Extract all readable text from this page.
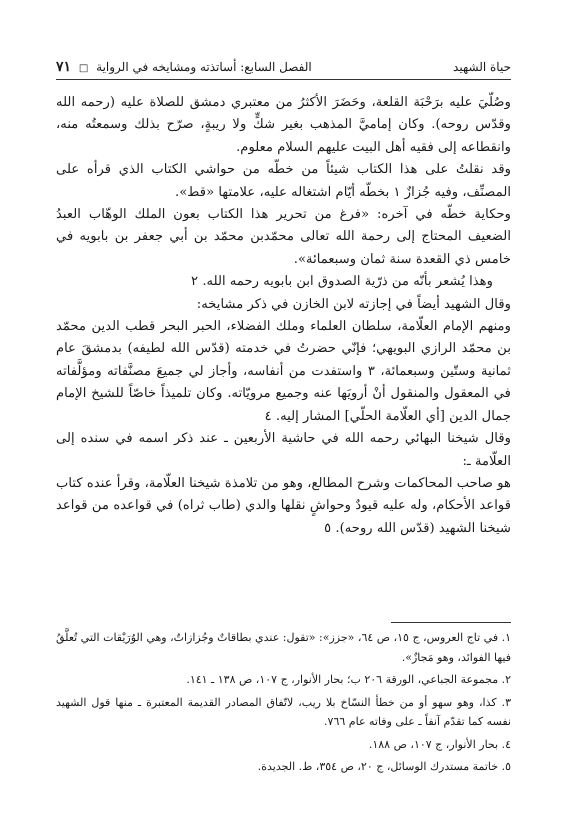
حياة الشهيد
الفصل السابع: أساتذته ومشايخه في الرواية □ ٧١

وصُلّيَ عليه برَحْبَة القلعة، وحَضَرَ الأكثرُ من معتبري دمشق للصلاة عليه (رحمه الله وقدّس روحه). وكان إماميَّ المذهب بغير شكٍّ ولا ريبةٍ، صرّح بذلك وسمعتُه منه، وانقطاعه إلى فقيه أهل البيت عليهم السلام معلوم.

وقد نقلتُ على هذا الكتاب شيئاً من خطّه من حواشي الكتاب الذي قرأه على المصنِّف، وفيه جُزازٌ ١ بخطّه أيّام اشتغاله عليه، علامتها «قط».

وحكاية خطّه في آخره: «فرغ من تحرير هذا الكتاب بعون الملك الوهّاب العبدُ الضعيف المحتاج إلى رحمة الله تعالى محمّدبن محمّد بن أبي جعفر بن بابويه في خامس ذي القعدة سنة ثمان وسبعمائة».

وهذا يُشعر بأنّه من ذرّية الصدوق ابن بابويه رحمه الله. ٢

وقال الشهيد أيضاً في إجازته لابن الخازن في ذكر مشايخه:

ومنهم الإمام العلّامة، سلطان العلماء وملك الفضلاء، الحبر البحر قطب الدين محمّد بن محمّد الرازي البويهي؛ فإنّي حضرتُ في خدمته (قدّس الله لطيفه) بدمشقَ عام ثمانية وستّين وسبعمائة، ٣ واستفدت من أنفاسه، وأجاز لي جميعَ مصنَّفاته ومؤلَّفاته في المعقول والمنقول أنْ أرويَها عنه وجميع مرويّاته. وكان تلميذاً خاصّاً للشيخ الإمام جمال الدين [أي العلّامة الحلّي] المشار إليه. ٤

وقال شيخنا البهائي رحمه الله في حاشية الأربعين ـ عند ذكر اسمه في سنده إلى العلّامة ـ:

هو صاحب المحاكمات وشرح المطالع، وهو من تلامذة شيخنا العلّامة، وقرأ عنده كتاب قواعد الأحكام، وله عليه قيودٌ وحواشٍ نقلها والدي (طاب ثراه) في قواعده من قواعد شيخنا الشهيد (قدّس الله روحه). ٥

١. في تاج العروس، ج ١٥، ص ٦٤، «جزز»: «تقول: عندي بطاقاتٌ وجُزازاتٌ، وهي الوُرَيْقات التي تُعلَّقُ فيها الفوائد، وهو مَجازٌ».

٢. مجموعة الجباعي، الورقة ٢٠٦ ب؛ بحار الأنوار، ج ١٠٧، ص ١٣٨ ـ ١٤١.

٣. كذا، وهو سهو أو من خطأ النسّاخ بلا ريب، لاتّفاق المصادر القديمة المعتبرة ـ منها قول الشهيد نفسه كما تقدّم آنفاً ـ على وفاته عام ٧٦٦.

٤. بحار الأنوار، ج ١٠٧، ص ١٨٨.

٥. خاتمة مستدرك الوسائل، ج ٢٠، ص ٣٥٤، ط. الجديدة.
